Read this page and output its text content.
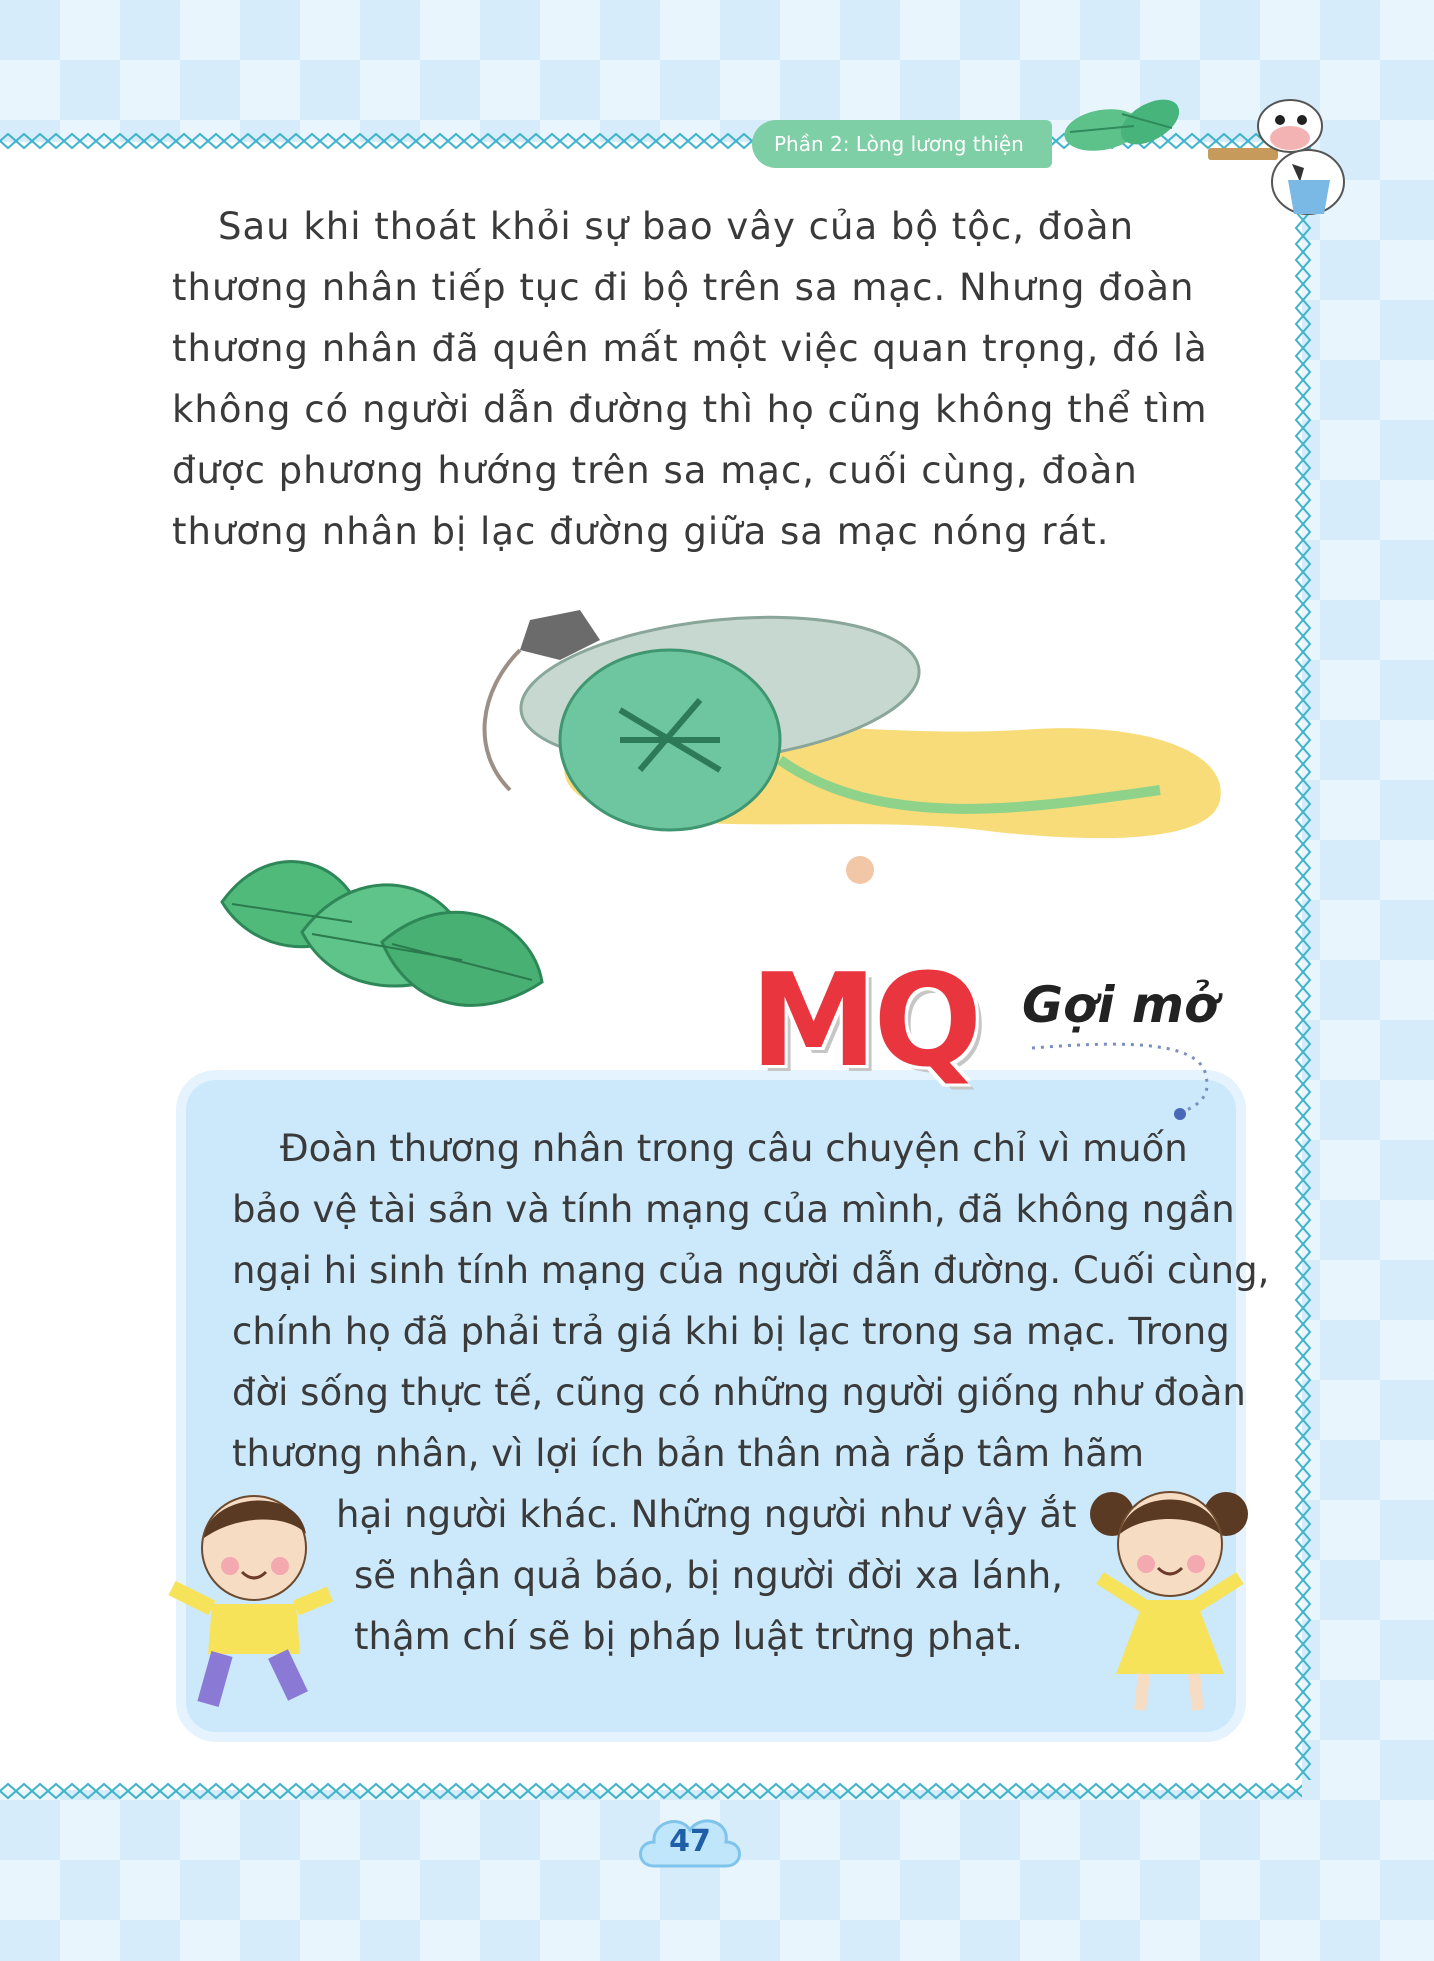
Phần 2: Lòng lương thiện

Sau khi thoát khỏi sự bao vây của bộ tộc, đoàn thương nhân tiếp tục đi bộ trên sa mạc. Nhưng đoàn thương nhân đã quên mất một việc quan trọng, đó là không có người dẫn đường thì họ cũng không thể tìm được phương hướng trên sa mạc, cuối cùng, đoàn thương nhân bị lạc đường giữa sa mạc nóng rát.

MQ Gợi mở
Đoàn thương nhân trong câu chuyện chỉ vì muốn
bảo vệ tài sản và tính mạng của mình, đã không ngần
ngại hi sinh tính mạng của người dẫn đường. Cuối cùng,
chính họ đã phải trả giá khi bị lạc trong sa mạc. Trong
đời sống thực tế, cũng có những người giống như đoàn
thương nhân, vì lợi ích bản thân mà rắp tâm hãm
hại người khác. Những người như vậy ắt
sẽ nhận quả báo, bị người đời xa lánh,
thậm chí sẽ bị pháp luật trừng phạt.
47
